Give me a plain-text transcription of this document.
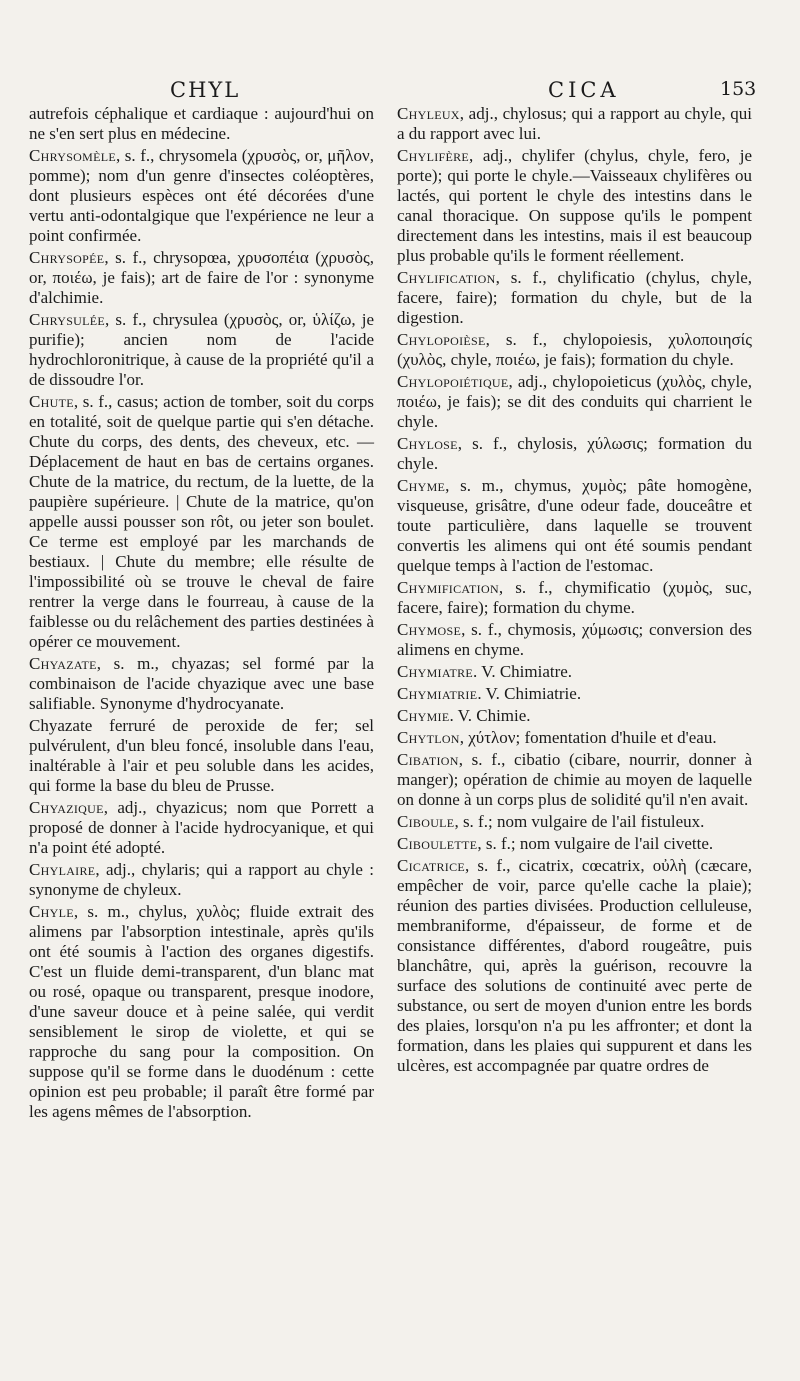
CHYL	CICA	153

autrefois céphalique et cardiaque : aujourd'hui on ne s'en sert plus en médecine.

Chrysomèle, s. f., chrysomela (χρυσὸς, or, μῆλον, pomme); nom d'un genre d'insectes coléoptères, dont plusieurs espèces ont été décorées d'une vertu anti-odontalgique que l'expérience ne leur a point confirmée.

Chrysopée, s. f., chrysopœa, χρυσοπέια (χρυσὸς, or, ποιέω, je fais); art de faire de l'or : synonyme d'alchimie.

Chrysulée, s. f., chrysulea (χρυσὸς, or, ὑλίζω, je purifie); ancien nom de l'acide hydrochloronitrique, à cause de la propriété qu'il a de dissoudre l'or.

Chute, s. f., casus; action de tomber, soit du corps en totalité, soit de quelque partie qui s'en détache. Chute du corps, des dents, des cheveux, etc. — Déplacement de haut en bas de certains organes. Chute de la matrice, du rectum, de la luette, de la paupière supérieure. | Chute de la matrice, qu'on appelle aussi pousser son rôt, ou jeter son boulet. Ce terme est employé par les marchands de bestiaux. | Chute du membre; elle résulte de l'impossibilité où se trouve le cheval de faire rentrer la verge dans le fourreau, à cause de la faiblesse ou du relâchement des parties destinées à opérer ce mouvement.

Chyazate, s. m., chyazas; sel formé par la combinaison de l'acide chyazique avec une base salifiable. Synonyme d'hydrocyanate.

Chyazate ferruré de peroxide de fer; sel pulvérulent, d'un bleu foncé, insoluble dans l'eau, inaltérable à l'air et peu soluble dans les acides, qui forme la base du bleu de Prusse.

Chyazique, adj., chyazicus; nom que Porrett a proposé de donner à l'acide hydrocyanique, et qui n'a point été adopté.

Chylaire, adj., chylaris; qui a rapport au chyle : synonyme de chyleux.

Chyle, s. m., chylus, χυλὸς; fluide extrait des alimens par l'absorption intestinale, après qu'ils ont été soumis à l'action des organes digestifs. C'est un fluide demi-transparent, d'un blanc mat ou rosé, opaque ou transparent, presque inodore, d'une saveur douce et à peine salée, qui verdit sensiblement le sirop de violette, et qui se rapproche du sang pour la composition. On suppose qu'il se forme dans le duodénum : cette opinion est peu probable; il paraît être formé par les agens mêmes de l'absorption.

Chyleux, adj., chylosus; qui a rapport au chyle, qui a du rapport avec lui.

Chylifère, adj., chylifer (chylus, chyle, fero, je porte); qui porte le chyle.—Vaisseaux chylifères ou lactés, qui portent le chyle des intestins dans le canal thoracique. On suppose qu'ils le pompent directement dans les intestins, mais il est beaucoup plus probable qu'ils le forment réellement.

Chylification, s. f., chylificatio (chylus, chyle, facere, faire); formation du chyle, but de la digestion.

Chylopoièse, s. f., chylopoiesis, χυλοποιησίς (χυλὸς, chyle, ποιέω, je fais); formation du chyle.

Chylopoiétique, adj., chylopoieticus (χυλὸς, chyle, ποιέω, je fais); se dit des conduits qui charrient le chyle.

Chylose, s. f., chylosis, χύλωσις; formation du chyle.

Chyme, s. m., chymus, χυμὸς; pâte homogène, visqueuse, grisâtre, d'une odeur fade, douceâtre et toute particulière, dans laquelle se trouvent convertis les alimens qui ont été soumis pendant quelque temps à l'action de l'estomac.

Chymification, s. f., chymificatio (χυμὸς, suc, facere, faire); formation du chyme.

Chymose, s. f., chymosis, χύμωσις; conversion des alimens en chyme.

Chymiatre. V. Chimiatre.

Chymiatrie. V. Chimiatrie.

Chymie. V. Chimie.

Chytlon, χύτλον; fomentation d'huile et d'eau.

Cibation, s. f., cibatio (cibare, nourrir, donner à manger); opération de chimie au moyen de laquelle on donne à un corps plus de solidité qu'il n'en avait.

Ciboule, s. f.; nom vulgaire de l'ail fistuleux.

Ciboulette, s. f.; nom vulgaire de l'ail civette.

Cicatrice, s. f., cicatrix, cœcatrix, οὐλὴ (cæcare, empêcher de voir, parce qu'elle cache la plaie); réunion des parties divisées. Production celluleuse, membraniforme, d'épaisseur, de forme et de consistance différentes, d'abord rougeâtre, puis blanchâtre, qui, après la guérison, recouvre la surface des solutions de continuité avec perte de substance, ou sert de moyen d'union entre les bords des plaies, lorsqu'on n'a pu les affronter; et dont la formation, dans les plaies qui suppurent et dans les ulcères, est accompagnée par quatre ordres de
